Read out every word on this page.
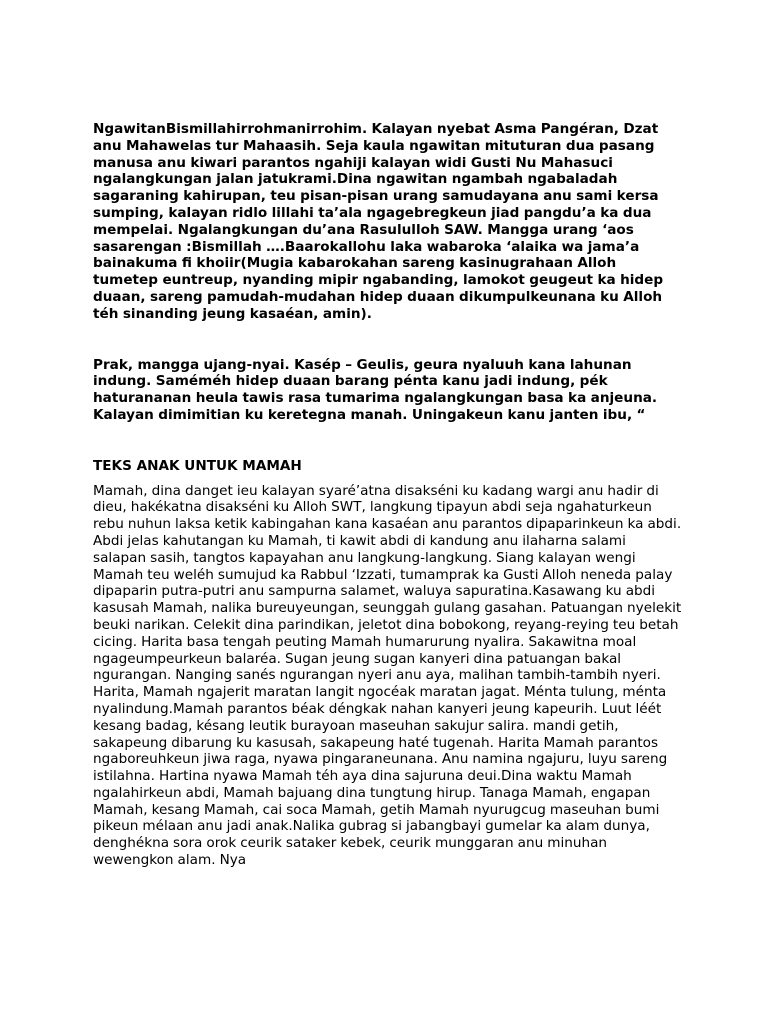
NgawitanBismillahirrohmanirrohim. Kalayan nyebat Asma Pangéran, Dzat anu Mahawelas tur Mahaasih. Seja kaula ngawitan mituturan dua pasang manusa anu kiwari parantos ngahiji kalayan widi Gusti Nu Mahasuci ngalangkungan jalan jatukrami.Dina ngawitan ngambah ngabaladah sagaraning kahirupan, teu pisan-pisan urang samudayana anu sami kersa sumping, kalayan ridlo lillahi ta’ala ngagebregkeun jiad pangdu’a ka dua mempelai. Ngalangkungan du’ana Rasululloh SAW. Mangga urang ‘aos sasarengan :Bismillah ….Baarokallohu laka wabaroka ‘alaika wa jama’a bainakuma fi khoiir(Mugia kabarokahan sareng kasinugrahaan Alloh tumetep euntreup, nyanding mipir ngabanding, lamokot geugeut ka hidep duaan, sareng pamudah-mudahan hidep duaan dikumpulkeunana ku Alloh téh sinanding jeung kasaéan, amin).

Prak, mangga ujang-nyai. Kasép – Geulis, geura nyaluuh kana lahunan indung. Saméméh hidep duaan barang pénta kanu jadi indung, pék haturananan heula tawis rasa tumarima ngalangkungan basa ka anjeuna. Kalayan dimimitian ku keretegna manah. Uningakeun kanu janten ibu, “

TEKS ANAK UNTUK MAMAH

Mamah, dina danget ieu kalayan syaré’atna disakséni ku kadang wargi anu hadir di dieu, hakékatna disakséni ku Alloh SWT, langkung tipayun abdi seja ngahaturkeun rebu nuhun laksa ketik kabingahan kana kasaéan anu parantos dipaparinkeun ka abdi. Abdi jelas kahutangan ku Mamah, ti kawit abdi di kandung anu ilaharna salami salapan sasih, tangtos kapayahan anu langkung-langkung. Siang kalayan wengi Mamah teu weléh sumujud ka Rabbul ‘Izzati, tumamprak ka Gusti Alloh neneda palay dipaparin putra-putri anu sampurna salamet, waluya sapuratina.Kasawang ku abdi kasusah Mamah, nalika bureuyeungan, seunggah gulang gasahan. Patuangan nyelekit beuki narikan. Celekit dina parindikan, jeletot dina bobokong, reyang-reying teu betah cicing. Harita basa tengah peuting Mamah humarurung nyalira. Sakawitna moal ngageumpeurkeun balaréa. Sugan jeung sugan kanyeri dina patuangan bakal ngurangan. Nanging sanés ngurangan nyeri anu aya, malihan tambih-tambih nyeri. Harita, Mamah ngajerit maratan langit ngocéak maratan jagat. Ménta tulung, ménta nyalindung.Mamah parantos béak déngkak nahan kanyeri jeung kapeurih. Luut léét kesang badag, késang leutik burayoan maseuhan sakujur salira. mandi getih, sakapeung dibarung ku kasusah, sakapeung haté tugenah. Harita Mamah parantos ngaboreuhkeun jiwa raga, nyawa pingaraneunana. Anu namina ngajuru, luyu sareng istilahna. Hartina nyawa Mamah téh aya dina sajuruna deui.Dina waktu Mamah ngalahirkeun abdi, Mamah bajuang dina tungtung hirup. Tanaga Mamah, engapan Mamah, kesang Mamah, cai soca Mamah, getih Mamah nyurugcug maseuhan bumi pikeun mélaan anu jadi anak.Nalika gubrag si jabangbayi gumelar ka alam dunya, denghékna sora orok ceurik sataker kebek, ceurik munggaran anu minuhan wewengkon alam. Nya
